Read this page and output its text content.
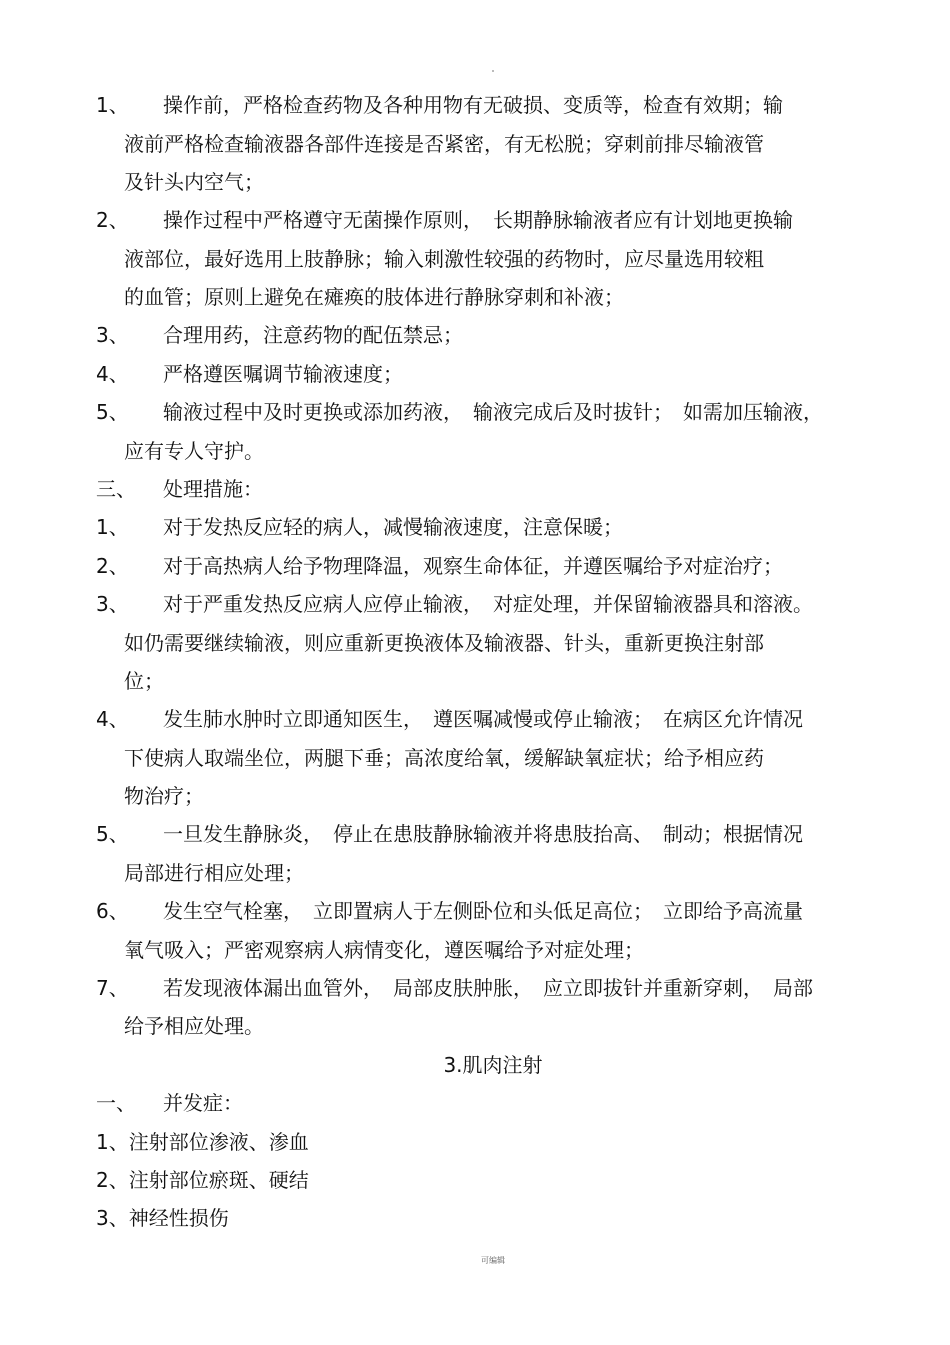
1、 操作前，严格检查药物及各种用物有无破损、变质等，检查有效期；输
液前严格检查输液器各部件连接是否紧密，有无松脱；穿刺前排尽输液管
及针头内空气；
2、 操作过程中严格遵守无菌操作原则，　长期静脉输液者应有计划地更换输
液部位，最好选用上肢静脉；输入刺激性较强的药物时，应尽量选用较粗
的血管；原则上避免在瘫痪的肢体进行静脉穿刺和补液；
3、 合理用药，注意药物的配伍禁忌；
4、 严格遵医嘱调节输液速度；
5、 输液过程中及时更换或添加药液，　输液完成后及时拔针；　如需加压输液，
应有专人守护。
三、 处理措施：
1、 对于发热反应轻的病人，减慢输液速度，注意保暖；
2、 对于高热病人给予物理降温，观察生命体征，并遵医嘱给予对症治疗；
3、 对于严重发热反应病人应停止输液，　对症处理，并保留输液器具和溶液。
如仍需要继续输液，则应重新更换液体及输液器、针头，重新更换注射部
位；
4、 发生肺水肿时立即通知医生，　遵医嘱减慢或停止输液；　在病区允许情况
下使病人取端坐位，两腿下垂；高浓度给氧，缓解缺氧症状；给予相应药
物治疗；
5、 一旦发生静脉炎，　停止在患肢静脉输液并将患肢抬高、　制动；根据情况
局部进行相应处理；
6、 发生空气栓塞，　立即置病人于左侧卧位和头低足高位；　立即给予高流量
氧气吸入；严密观察病人病情变化，遵医嘱给予对症处理；
7、 若发现液体漏出血管外，　局部皮肤肿胀，　应立即拔针并重新穿刺，　局部
给予相应处理。
3.肌肉注射
一、 并发症：
1、注射部位渗液、渗血
2、注射部位瘀斑、硬结
3、神经性损伤
可编辑
